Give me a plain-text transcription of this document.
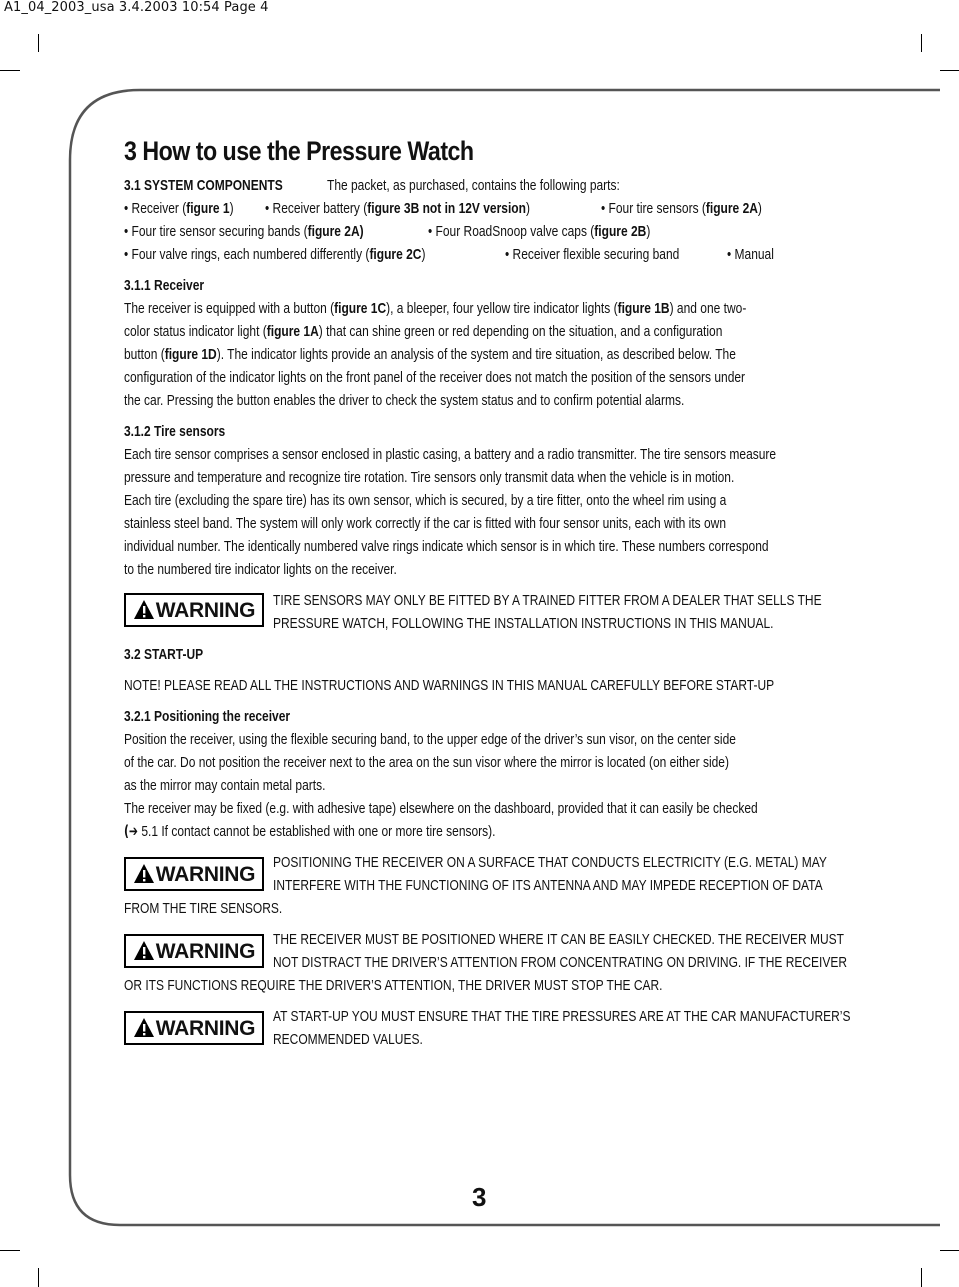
A1_04_2003_usa 3.4.2003 10:54 Page 4
3 How to use the Pressure Watch
3.1 SYSTEM COMPONENTS	The packet, as purchased, contains the following parts:
• Receiver (figure 1) • Receiver battery (figure 3B not in 12V version)	• Four tire sensors (figure 2A) • Four tire sensor securing bands (figure 2A)	• Four RoadSnoop valve caps (figure 2B) • Four valve rings, each numbered differently (figure 2C)	• Receiver flexible securing band	• Manual
3.1.1 Receiver The receiver is equipped with a button (figure 1C), a bleeper, four yellow tire indicator lights (figure 1B) and one two- color status indicator light (figure 1A) that can shine green or red depending on the situation, and a configuration button (figure 1D). The indicator lights provide an analysis of the system and tire situation, as described below. The configuration of the indicator lights on the front panel of the receiver does not match the position of the sensors under the car. Pressing the button enables the driver to check the system status and to confirm potential alarms.
3.1.2 Tire sensors Each tire sensor comprises a sensor enclosed in plastic casing, a battery and a radio transmitter. The tire sensors measure pressure and temperature and recognize tire rotation. Tire sensors only transmit data when the vehicle is in motion. Each tire (excluding the spare tire) has its own sensor, which is secured, by a tire fitter, onto the wheel rim using a stainless steel band. The system will only work correctly if the car is fitted with four sensor units, each with its own individual number. The identically numbered valve rings indicate which sensor is in which tire. These numbers correspond to the numbered tire indicator lights on the receiver.
WARNING TIRE SENSORS MAY ONLY BE FITTED BY A TRAINED FITTER FROM A DEALER THAT SELLS THE PRESSURE WATCH, FOLLOWING THE INSTALLATION INSTRUCTIONS IN THIS MANUAL.
3.2 START-UP
NOTE! PLEASE READ ALL THE INSTRUCTIONS AND WARNINGS IN THIS MANUAL CAREFULLY BEFORE START-UP
3.2.1 Positioning the receiver Position the receiver, using the flexible securing band, to the upper edge of the driver’s sun visor, on the center side of the car. Do not position the receiver next to the area on the sun visor where the mirror is located (on either side) as the mirror may contain metal parts. The receiver may be fixed (e.g. with adhesive tape) elsewhere on the dashboard, provided that it can easily be checked (➔ 5.1 If contact cannot be established with one or more tire sensors).
WARNING POSITIONING THE RECEIVER ON A SURFACE THAT CONDUCTS ELECTRICITY (E.G. METAL) MAY INTERFERE WITH THE FUNCTIONING OF ITS ANTENNA AND MAY IMPEDE RECEPTION OF DATA FROM THE TIRE SENSORS.
WARNING THE RECEIVER MUST BE POSITIONED WHERE IT CAN BE EASILY CHECKED. THE RECEIVER MUST NOT DISTRACT THE DRIVER’S ATTENTION FROM CONCENTRATING ON DRIVING. IF THE RECEIVER OR ITS FUNCTIONS REQUIRE THE DRIVER’S ATTENTION, THE DRIVER MUST STOP THE CAR.
WARNING AT START-UP YOU MUST ENSURE THAT THE TIRE PRESSURES ARE AT THE CAR MANUFACTURER’S RECOMMENDED VALUES.
3
